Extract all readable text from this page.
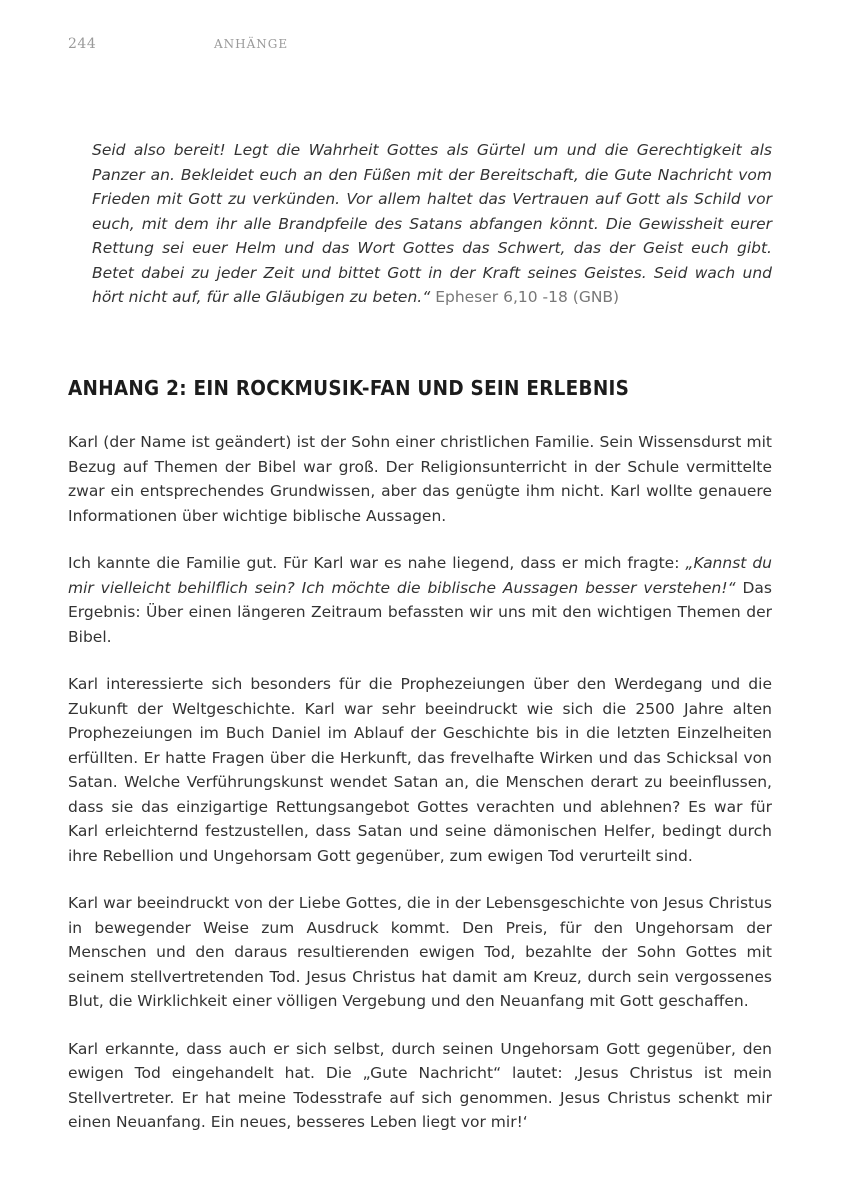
244	ANHÄNGE
Seid also bereit! Legt die Wahrheit Gottes als Gürtel um und die Gerechtigkeit als Panzer an. Bekleidet euch an den Füßen mit der Bereitschaft, die Gute Nachricht vom Frieden mit Gott zu verkünden. Vor allem haltet das Vertrauen auf Gott als Schild vor euch, mit dem ihr alle Brandpfeile des Satans abfangen könnt. Die Gewissheit eurer Rettung sei euer Helm und das Wort Gottes das Schwert, das der Geist euch gibt. Betet dabei zu jeder Zeit und bittet Gott in der Kraft seines Geistes. Seid wach und hört nicht auf, für alle Gläubigen zu beten.“ Epheser 6,10 -18 (GNB)
ANHANG 2: EIN ROCKMUSIK-FAN UND SEIN ERLEBNIS

Karl (der Name ist geändert) ist der Sohn einer christlichen Familie. Sein Wissensdurst mit Bezug auf Themen der Bibel war groß. Der Religionsunterricht in der Schule vermittelte zwar ein entsprechendes Grundwissen, aber das genügte ihm nicht. Karl wollte genauere Informationen über wichtige biblische Aussagen.

Ich kannte die Familie gut. Für Karl war es nahe liegend, dass er mich fragte: „Kannst du mir vielleicht behilflich sein? Ich möchte die biblische Aussagen besser verstehen!“ Das Ergebnis: Über einen längeren Zeitraum befassten wir uns mit den wichtigen Themen der Bibel.

Karl interessierte sich besonders für die Prophezeiungen über den Werdegang und die Zukunft der Weltgeschichte. Karl war sehr beeindruckt wie sich die 2500 Jahre alten Prophezeiungen im Buch Daniel im Ablauf der Geschichte bis in die letzten Einzelheiten erfüllten. Er hatte Fragen über die Herkunft, das frevelhafte Wirken und das Schicksal von Satan. Welche Verführungskunst wendet Satan an, die Menschen derart zu beeinflussen, dass sie das einzigartige Rettungsangebot Gottes verachten und ablehnen? Es war für Karl erleichternd festzustellen, dass Satan und seine dämonischen Helfer, bedingt durch ihre Rebellion und Ungehorsam Gott gegenüber, zum ewigen Tod verurteilt sind.

Karl war beeindruckt von der Liebe Gottes, die in der Lebensgeschichte von Jesus Christus in bewegender Weise zum Ausdruck kommt. Den Preis, für den Ungehorsam der Menschen und den daraus resultierenden ewigen Tod, bezahlte der Sohn Gottes mit seinem stellvertretenden Tod. Jesus Christus hat damit am Kreuz, durch sein vergossenes Blut, die Wirklichkeit einer völligen Vergebung und den Neuanfang mit Gott geschaffen.

Karl erkannte, dass auch er sich selbst, durch seinen Ungehorsam Gott gegenüber, den ewigen Tod eingehandelt hat. Die „Gute Nachricht“ lautet: ‚Jesus Christus ist mein Stellvertreter. Er hat meine Todesstrafe auf sich genommen. Jesus Christus schenkt mir einen Neuanfang. Ein neues, besseres Leben liegt vor mir!‘
